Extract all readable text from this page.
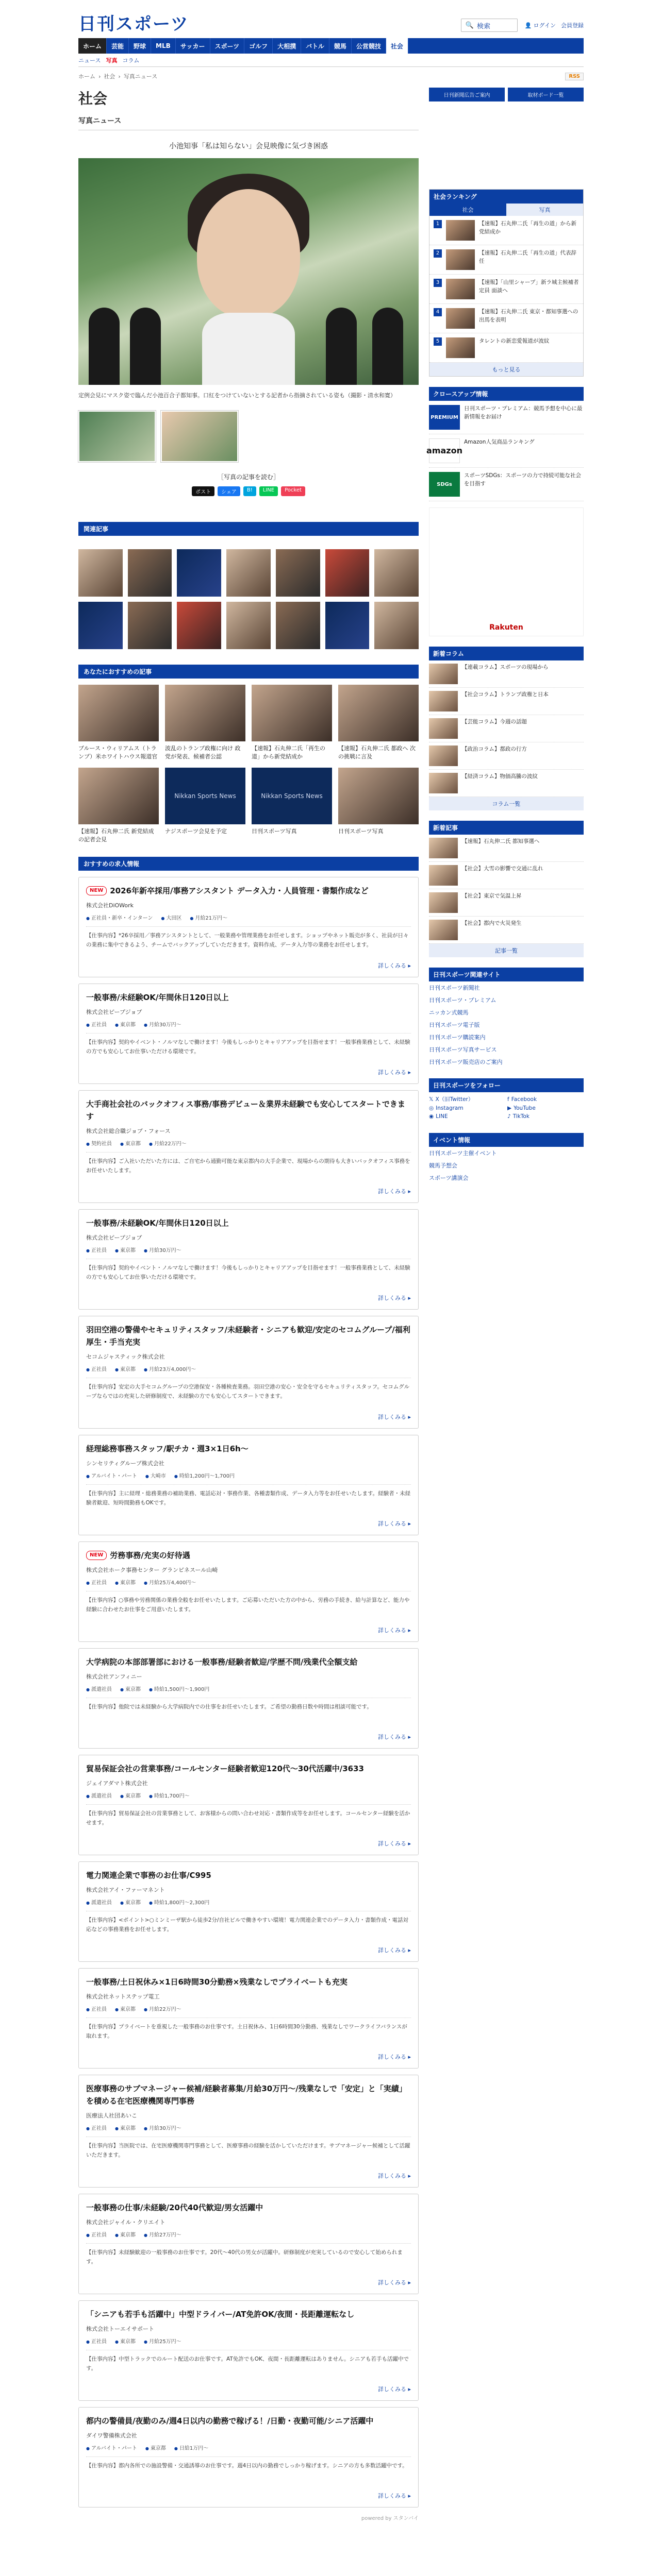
日刊スポーツ	🔍 検索	👤 ログイン 会員登録
ホーム	芸能	野球	MLB	サッカー	スポーツ	ゴルフ	大相撲	バトル	競馬	公営競技	社会
ニュース 写真 コラム
ホーム › 社会 › 写真ニュース	RSS
社会
写真ニュース
小池知事「私は知らない」会見映像に気づき困惑
定例会見にマスク姿で臨んだ小池百合子都知事。口紅をつけていないとする記者から指摘されている姿も（撮影・清水和寛）
［写真の記事を読む］
ポスト	シェア	B!	LINE	Pocket
関連記事
あなたにおすすめの記事
ブルース・ウィリアムス（トランプ）米ホワイトハウス報道官
波乱のトランプ政権に向け 政党が発表、候補者公認
【速報】石丸伸二氏「再生の道」から新党結成か
【速報】石丸伸二氏 都政へ 次の挑戦に言及
【速報】石丸伸二氏 新党結成の記者会見
Nikkan Sports News
ナジスポーツ会見を予定
Nikkan Sports News
日刊スポーツ写真	日刊スポーツ写真
おすすめの求人情報
NEW 2026年新卒採用/事務アシスタント データ入力・人員管理・書類作成など
株式会社DiOWork
● 正社員・新卒・インターン	● 大田区	● 月給21万円〜
【仕事内容】*26卒採用／事務アシスタントとして、一般業務や管理業務をお任せします。ショップやネット販売が多く、社員が日々の業務に集中できるよう、チームでバックアップしていただきます。資料作成、データ入力等の業務をお任せします。
詳しくみる ▸
一般事務/未経験OK/年間休日120日以上
株式会社ピープジョブ
● 正社員	● 東京都	● 月給30万円〜
【仕事内容】契約やイベント・ノルマなしで働けます！今後もしっかりとキャリアアップを目指せます！一般事務業務として、未経験の方でも安心してお仕事いただける環境です。
詳しくみる ▸
大手商社会社のバックオフィス事務/事務デビュー＆業界未経験でも安心してスタートできます
株式会社総合職ジョブ・フォース
● 契約社員	● 東京都	● 月給22万円〜
【仕事内容】ご入社いただいた方には、ご自宅から通勤可能な東京都内の大手企業で、現場からの期待も大きいバックオフィス事務をお任せいたします。
詳しくみる ▸
一般事務/未経験OK/年間休日120日以上
株式会社ピープジョブ
● 正社員	● 東京都	● 月給30万円〜
【仕事内容】契約やイベント・ノルマなしで働けます！今後もしっかりとキャリアアップを目指せます！一般事務業務として、未経験の方でも安心してお仕事いただける環境です。
詳しくみる ▸
羽田空港の警備やセキュリティスタッフ/未経験者・シニアも歓迎/安定のセコムグループ/福利厚生・手当充実
セコムジャスティック株式会社
● 正社員	● 東京都	● 月給23万4,000円〜
【仕事内容】安定の大手セコムグループの空港保安・各種検査業務。羽田空港の安心・安全を守るセキュリティスタッフ。セコムグループならではの充実した研修制度で、未経験の方でも安心してスタートできます。
詳しくみる ▸
経理総務事務スタッフ/駅チカ・週3×1日6h〜
シンセリティグループ株式会社
● アルバイト・パート	● 大崎市	● 時給1,200円〜1,700円
【仕事内容】主に経理・総務業務の補助業務、電話応対・事務作業、各種書類作成、データ入力等をお任せいたします。経験者・未経験者歓迎、短時間勤務もOKです。
詳しくみる ▸
NEW 労務事務/充実の好待遇
株式会社ホーク事務センター グランピネスール山崎
● 正社員	● 東京都	● 月給25万4,400円〜
【仕事内容】○事務や労務関係の業務全般をお任せいたします。ご応募いただいた方の中から、労務の手続き、給与計算など、能力や経験に合わせたお仕事をご用意いたします。
詳しくみる ▸
大学病院の本部部署部における一般事務/経験者歓迎/学歴不問/残業代全額支給
株式会社アンフィニー
● 派遣社員	● 東京都	● 時給1,500円〜1,900円
【仕事内容】他院では未経験から大学病院内での仕事をお任せいたします。ご希望の勤務日数や時間は相談可能です。
詳しくみる ▸
貿易保証会社の営業事務/コールセンター経験者歓迎120代〜30代活躍中/3633
ジェイアダマト株式会社
● 派遣社員	● 東京都	● 時給1,700円〜
【仕事内容】貿易保証会社の営業事務として、お客様からの問い合わせ対応・書類作成等をお任せします。コールセンター経験を活かせます。
詳しくみる ▸
電力関連企業で事務のお仕事/C995
株式会社アイ・ファーマネント
● 派遣社員	● 東京都	● 時給1,800円〜2,300円
【仕事内容】<ポイント>○ミンミーザ駅から徒歩2分/自社ビルで働きやすい環境！電力関連企業でのデータ入力・書類作成・電話対応などの事務業務をお任せします。
詳しくみる ▸
一般事務/土日祝休み×1日6時間30分勤務×残業なしでプライベートも充実
株式会社ネットステップ電工
● 正社員	● 東京都	● 月給22万円〜
【仕事内容】プライベートを重視した一般事務のお仕事です。土日祝休み、1日6時間30分勤務、残業なしでワークライフバランスが取れます。
詳しくみる ▸
医療事務のサブマネージャー候補/経験者募集/月給30万円〜/残業なしで「安定」と「実績」を積める在宅医療機関専門事務
医療法人社団あいこ
● 正社員	● 東京都	● 月給30万円〜
【仕事内容】当医院では、在宅医療機関専門事務として、医療事務の経験を活かしていただけます。サブマネージャー候補として活躍いただきます。
詳しくみる ▸
一般事務の仕事/未経験/20代40代歓迎/男女活躍中
株式会社ジャイル・クリエイト
● 正社員	● 東京都	● 月給27万円〜
【仕事内容】未経験歓迎の一般事務のお仕事です。20代〜40代の男女が活躍中。研修制度が充実しているので安心して始められます。
詳しくみる ▸
「シニアも若手も活躍中」中型ドライバー/AT免許OK/夜間・長距離運転なし
株式会社トーエイサポート
● 正社員	● 東京都	● 月給25万円〜
【仕事内容】中型トラックでのルート配送のお仕事です。AT免許でもOK、夜間・長距離運転はありません。シニアも若手も活躍中です。
詳しくみる ▸
都内の警備員/夜勤のみ/週4日以内の勤務で稼げる！/日勤・夜勤可能/シニア活躍中
ダイワ警備株式会社
● アルバイト・パート	● 東京都	● 日給1万円〜
【仕事内容】都内各所での施設警備・交通誘導のお仕事です。週4日以内の勤務でしっかり稼げます。シニアの方も多数活躍中です。
詳しくみる ▸
powered by スタンバイ
日刊新聞広告ご案内	取材ボード一覧
社会ランキング
社会	写真
1	【速報】石丸伸二氏「再生の道」から新党結成か
2	【速報】石丸伸二氏「再生の道」代表辞任
3	【速報】「山里シャープ」新ラ城主候補者定員 面談へ
4	【速報】石丸伸二氏 東京・都知事選への出馬を表明
5	タレントの新恋愛報道が波紋
もっと見る
クロースアップ情報
PREMIUM
日刊スポーツ・プレミアム：競馬予想を中心に最新情報をお届け
amazon
Amazon人気商品ランキング
SDGs
スポーツSDGs：スポーツの力で持続可能な社会を目指す
Rakuten
新着コラム
【連載コラム】スポーツの現場から
【社会コラム】トランプ政権と日本
【芸能コラム】今週の話題
【政治コラム】都政の行方
【経済コラム】物価高騰の波紋
コラム一覧
新着記事
【速報】石丸伸二氏 都知事選へ
【社会】大雪の影響で交通に乱れ
【社会】東京で気温上昇
【社会】都内で火災発生
記事一覧
日刊スポーツ関連サイト
日刊スポーツ新聞社
日刊スポーツ・プレミアム
ニッカン式競馬
日刊スポーツ電子版
日刊スポーツ購読案内
日刊スポーツ写真サービス
日刊スポーツ販売店のご案内
日刊スポーツをフォロー
𝕏 X（旧Twitter）	f Facebook
◎ Instagram	▶ YouTube
◉ LINE	♪ TikTok
イベント情報
日刊スポーツ主催イベント
競馬予想会
スポーツ講演会
